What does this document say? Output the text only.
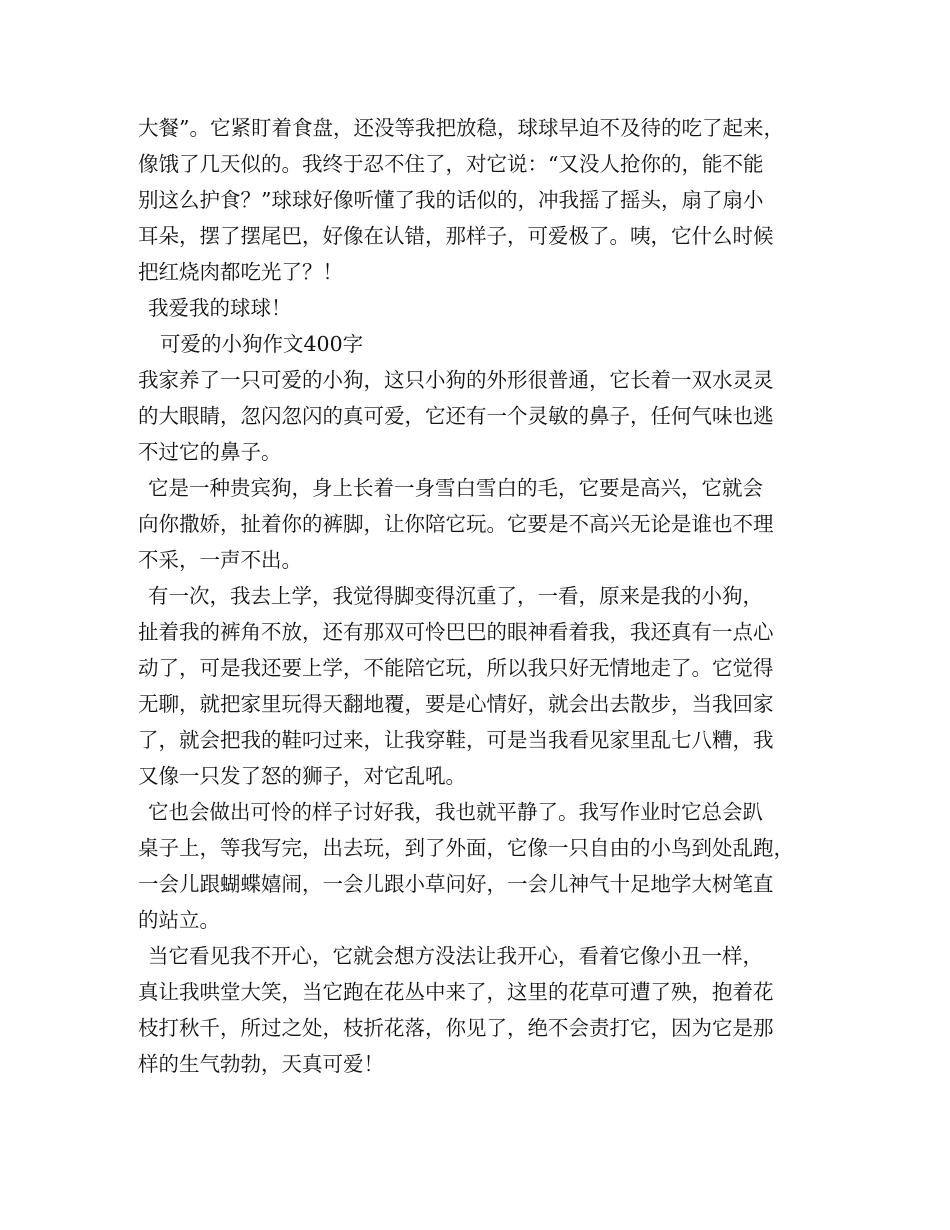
大餐”。它紧盯着食盘，还没等我把放稳，球球早迫不及待的吃了起来，
像饿了几天似的。我终于忍不住了，对它说：“又没人抢你的，能不能
别这么护食？”球球好像听懂了我的话似的，冲我摇了摇头，扇了扇小
耳朵，摆了摆尾巴，好像在认错，那样子，可爱极了。咦，它什么时候
把红烧肉都吃光了？！
我爱我的球球！
可爱的小狗作文400字
我家养了一只可爱的小狗，这只小狗的外形很普通，它长着一双水灵灵
的大眼睛，忽闪忽闪的真可爱，它还有一个灵敏的鼻子，任何气味也逃
不过它的鼻子。
它是一种贵宾狗，身上长着一身雪白雪白的毛，它要是高兴，它就会
向你撒娇，扯着你的裤脚，让你陪它玩。它要是不高兴无论是谁也不理
不采，一声不出。
有一次，我去上学，我觉得脚变得沉重了，一看，原来是我的小狗，
扯着我的裤角不放，还有那双可怜巴巴的眼神看着我，我还真有一点心
动了，可是我还要上学，不能陪它玩，所以我只好无情地走了。它觉得
无聊，就把家里玩得天翻地覆，要是心情好，就会出去散步，当我回家
了，就会把我的鞋叼过来，让我穿鞋，可是当我看见家里乱七八糟，我
又像一只发了怒的狮子，对它乱吼。
它也会做出可怜的样子讨好我，我也就平静了。我写作业时它总会趴
桌子上，等我写完，出去玩，到了外面，它像一只自由的小鸟到处乱跑，
一会儿跟蝴蝶嬉闹，一会儿跟小草问好，一会儿神气十足地学大树笔直
的站立。
当它看见我不开心，它就会想方没法让我开心，看着它像小丑一样，
真让我哄堂大笑，当它跑在花丛中来了，这里的花草可遭了殃，抱着花
枝打秋千，所过之处，枝折花落，你见了，绝不会责打它，因为它是那
样的生气勃勃，天真可爱！
